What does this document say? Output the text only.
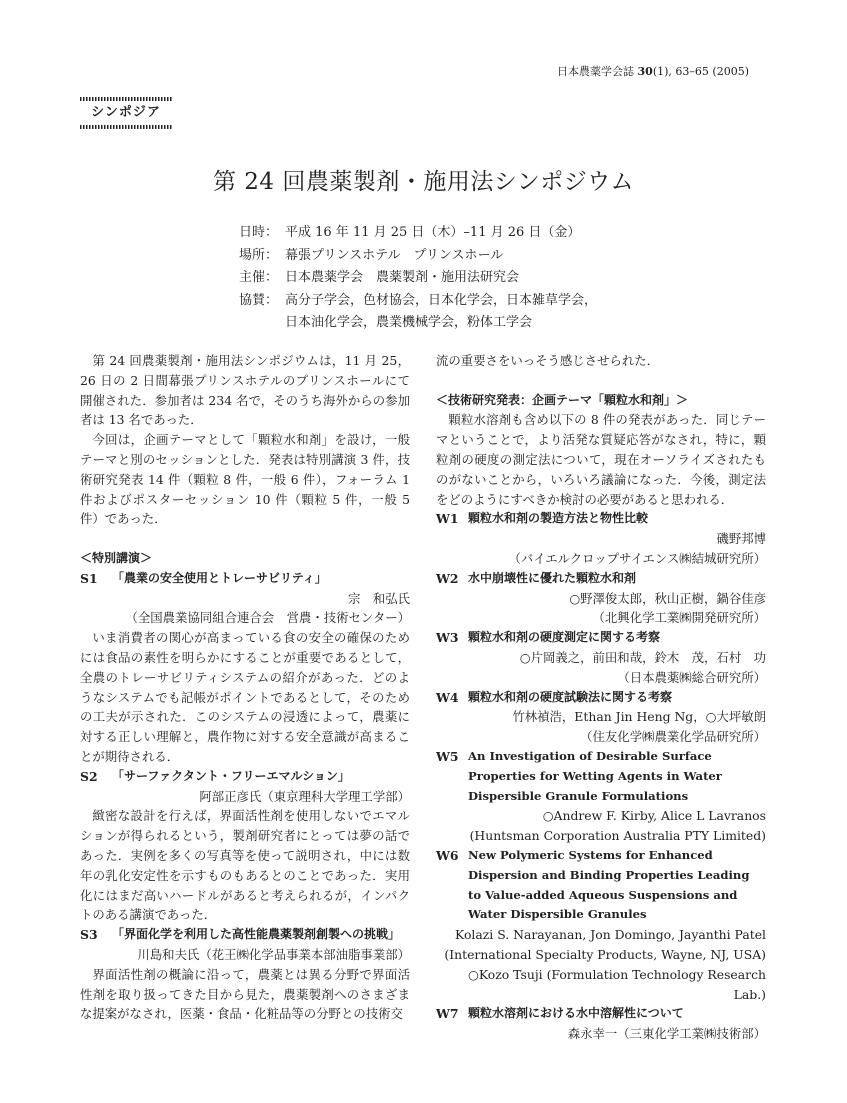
日本農薬学会誌 30(1), 63–65 (2005)
シンポジア
第 24 回農薬製剤・施用法シンポジウム
日時： 平成 16 年 11 月 25 日（木）–11 月 26 日（金）
場所： 幕張プリンスホテル　プリンスホール
主催： 日本農薬学会　農薬製剤・施用法研究会
協賛： 高分子学会，色材協会，日本化学会，日本雑草学会，
日本油化学会，農業機械学会，粉体工学会

第 24 回農薬製剤・施用法シンポジウムは，11 月 25，26 日の 2 日間幕張プリンスホテルのプリンスホールにて開催された．参加者は 234 名で，そのうち海外からの参加者は 13 名であった．

今回は，企画テーマとして「顆粒水和剤」を設け，一般テーマと別のセッションとした．発表は特別講演 3 件，技術研究発表 14 件（顆粒 8 件，一般 6 件），フォーラム 1 件およびポスターセッション 10 件（顆粒 5 件，一般 5 件）であった．

＜特別講演＞

S1	「農業の安全使用とトレーサビリティ」

宗　和弘氏

（全国農業協同組合連合会　営農・技術センター）

いま消費者の関心が高まっている食の安全の確保のためには食品の素性を明らかにすることが重要であるとして，全農のトレーサビリティシステムの紹介があった．どのようなシステムでも記帳がポイントであるとして，そのための工夫が示された．このシステムの浸透によって，農薬に対する正しい理解と，農作物に対する安全意識が高まることが期待される．

S2	「サーファクタント・フリーエマルション」

阿部正彦氏（東京理科大学理工学部）

緻密な設計を行えば，界面活性剤を使用しないでエマルションが得られるという，製剤研究者にとっては夢の話であった．実例を多くの写真等を使って説明され，中には数年の乳化安定性を示すものもあるとのことであった．実用化にはまだ高いハードルがあると考えられるが，インパクトのある講演であった．

S3	「界面化学を利用した高性能農薬製剤創製への挑戦」

川島和夫氏（花王㈱化学品事業本部油脂事業部）

界面活性剤の概論に沿って，農薬とは異る分野で界面活性剤を取り扱ってきた目から見た，農薬製剤へのさまざまな提案がなされ，医薬・食品・化粧品等の分野との技術交

流の重要さをいっそう感じさせられた．

＜技術研究発表：企画テーマ「顆粒水和剤」＞

顆粒水溶剤も含め以下の 8 件の発表があった．同じテーマということで，より活発な質疑応答がなされ，特に，顆粒剤の硬度の測定法について，現在オーソライズされたものがないことから，いろいろ議論になった．今後，測定法をどのようにすべきか検討の必要があると思われる．

W1 顆粒水和剤の製造方法と物性比較

磯野邦博

（バイエルクロップサイエンス㈱結城研究所）

W2 水中崩壊性に優れた顆粒水和剤

○野澤俊太郎，秋山正樹，鍋谷佳彦

（北興化学工業㈱開発研究所）

W3 顆粒水和剤の硬度測定に関する考察

○片岡義之，前田和哉，鈴木　茂，石村　功

（日本農薬㈱総合研究所）

W4 顆粒水和剤の硬度試験法に関する考察

竹林禎浩，Ethan Jin Heng Ng，○大坪敏朗

（住友化学㈱農業化学品研究所）

W5 An Investigation of Desirable Surface Properties for Wetting Agents in Water Dispersible Granule Formulations

○Andrew F. Kirby, Alice L Lavranos

(Huntsman Corporation Australia PTY Limited)

W6 New Polymeric Systems for Enhanced Dispersion and Binding Properties Leading to Value-added Aqueous Suspensions and Water Dispersible Granules

Kolazi S. Narayanan, Jon Domingo, Jayanthi Patel

(International Specialty Products, Wayne, NJ, USA)

○Kozo Tsuji (Formulation Technology Research Lab.)

W7 顆粒水溶剤における水中溶解性について

森永幸一（三東化学工業㈱技術部）
